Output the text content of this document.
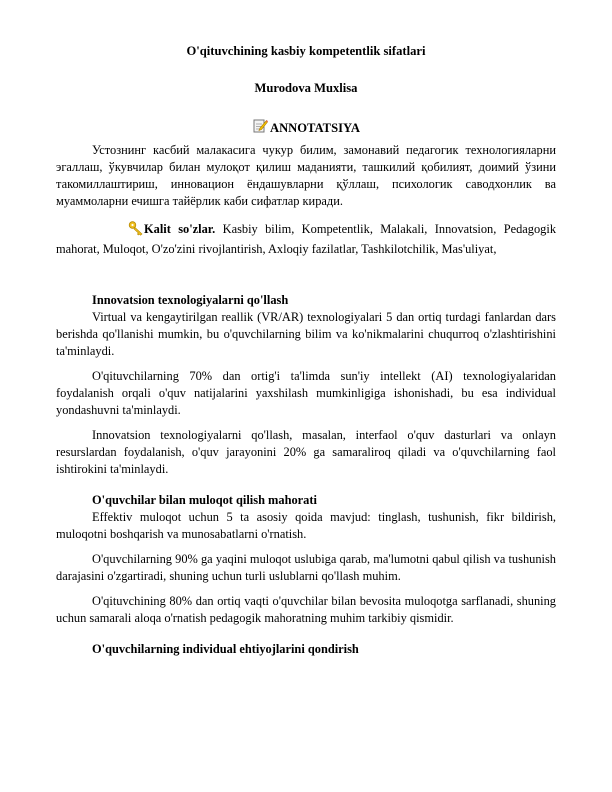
O'qituvchining kasbiy kompetentlik sifatlari
Murodova Muxlisa
ANNOTATSIYA

Устознинг касбий малакасига чукур билим, замонавий педагогик технологияларни эгаллаш, ўкувчилар билан мулоқот қилиш маданияти, ташкилий қобилият, доимий ўзини такомиллаштириш, инновацион ёндашувларни қўллаш, психологик саводхонлик ва муаммоларни ечишга тайёрлик каби сифатлар киради.

Kalit so'zlar. Kasbiy bilim, Kompetentlik, Malakali, Innovatsion, Pedagogik mahorat, Muloqot, O'zo'zini rivojlantirish, Axloqiy fazilatlar, Tashkilotchilik, Mas'uliyat,

Innovatsion texnologiyalarni qo'llash

Virtual va kengaytirilgan reallik (VR/AR) texnologiyalari 5 dan ortiq turdagi fanlardan dars berishda qo'llanishi mumkin, bu o'quvchilarning bilim va ko'nikmalarini chuqurroq o'zlashtirishini ta'minlaydi.

O'qituvchilarning 70% dan ortig'i ta'limda sun'iy intellekt (AI) texnologiyalaridan foydalanish orqali o'quv natijalarini yaxshilash mumkinligiga ishonishadi, bu esa individual yondashuvni ta'minlaydi.

Innovatsion texnologiyalarni qo'llash, masalan, interfaol o'quv dasturlari va onlayn resurslardan foydalanish, o'quv jarayonini 20% ga samaraliroq qiladi va o'quvchilarning faol ishtirokini ta'minlaydi.

O'quvchilar bilan muloqot qilish mahorati

Effektiv muloqot uchun 5 ta asosiy qoida mavjud: tinglash, tushunish, fikr bildirish, muloqotni boshqarish va munosabatlarni o'rnatish.

O'quvchilarning 90% ga yaqini muloqot uslubiga qarab, ma'lumotni qabul qilish va tushunish darajasini o'zgartiradi, shuning uchun turli uslublarni qo'llash muhim.

O'qituvchining 80% dan ortiq vaqti o'quvchilar bilan bevosita muloqotga sarflanadi, shuning uchun samarali aloqa o'rnatish pedagogik mahoratning muhim tarkibiy qismidir.

O'quvchilarning individual ehtiyojlarini qondirish
